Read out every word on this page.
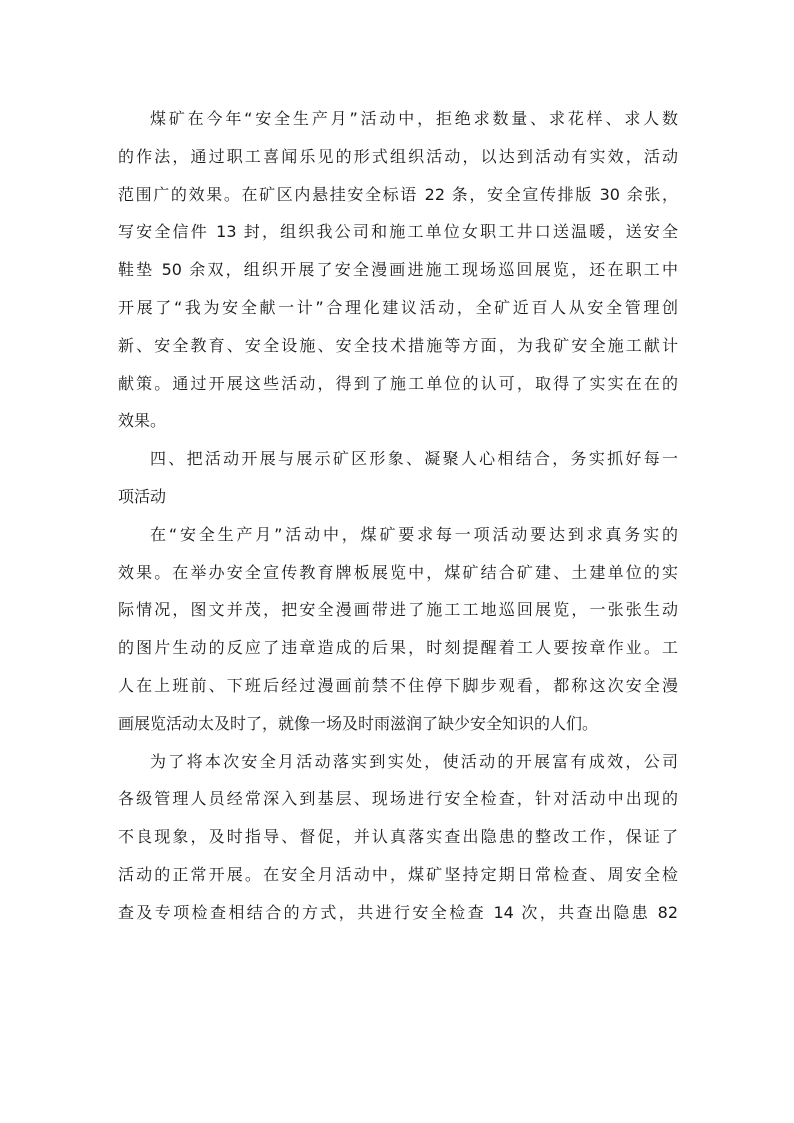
煤矿在今年“安全生产月”活动中，拒绝求数量、求花样、求人数
的作法，通过职工喜闻乐见的形式组织活动，以达到活动有实效，活动
范围广的效果。在矿区内悬挂安全标语 22 条，安全宣传排版 30 余张，
写安全信件 13 封，组织我公司和施工单位女职工井口送温暖，送安全
鞋垫 50 余双，组织开展了安全漫画进施工现场巡回展览，还在职工中
开展了“我为安全献一计”合理化建议活动，全矿近百人从安全管理创
新、安全教育、安全设施、安全技术措施等方面，为我矿安全施工献计
献策。通过开展这些活动，得到了施工单位的认可，取得了实实在在的
效果。
四、把活动开展与展示矿区形象、凝聚人心相结合，务实抓好每一
项活动
在“安全生产月”活动中，煤矿要求每一项活动要达到求真务实的
效果。在举办安全宣传教育牌板展览中，煤矿结合矿建、土建单位的实
际情况，图文并茂，把安全漫画带进了施工工地巡回展览，一张张生动
的图片生动的反应了违章造成的后果，时刻提醒着工人要按章作业。工
人在上班前、下班后经过漫画前禁不住停下脚步观看，都称这次安全漫
画展览活动太及时了，就像一场及时雨滋润了缺少安全知识的人们。
为了将本次安全月活动落实到实处，使活动的开展富有成效，公司
各级管理人员经常深入到基层、现场进行安全检查，针对活动中出现的
不良现象，及时指导、督促，并认真落实查出隐患的整改工作，保证了
活动的正常开展。在安全月活动中，煤矿坚持定期日常检查、周安全检
查及专项检查相结合的方式，共进行安全检查 14 次，共查出隐患 82
